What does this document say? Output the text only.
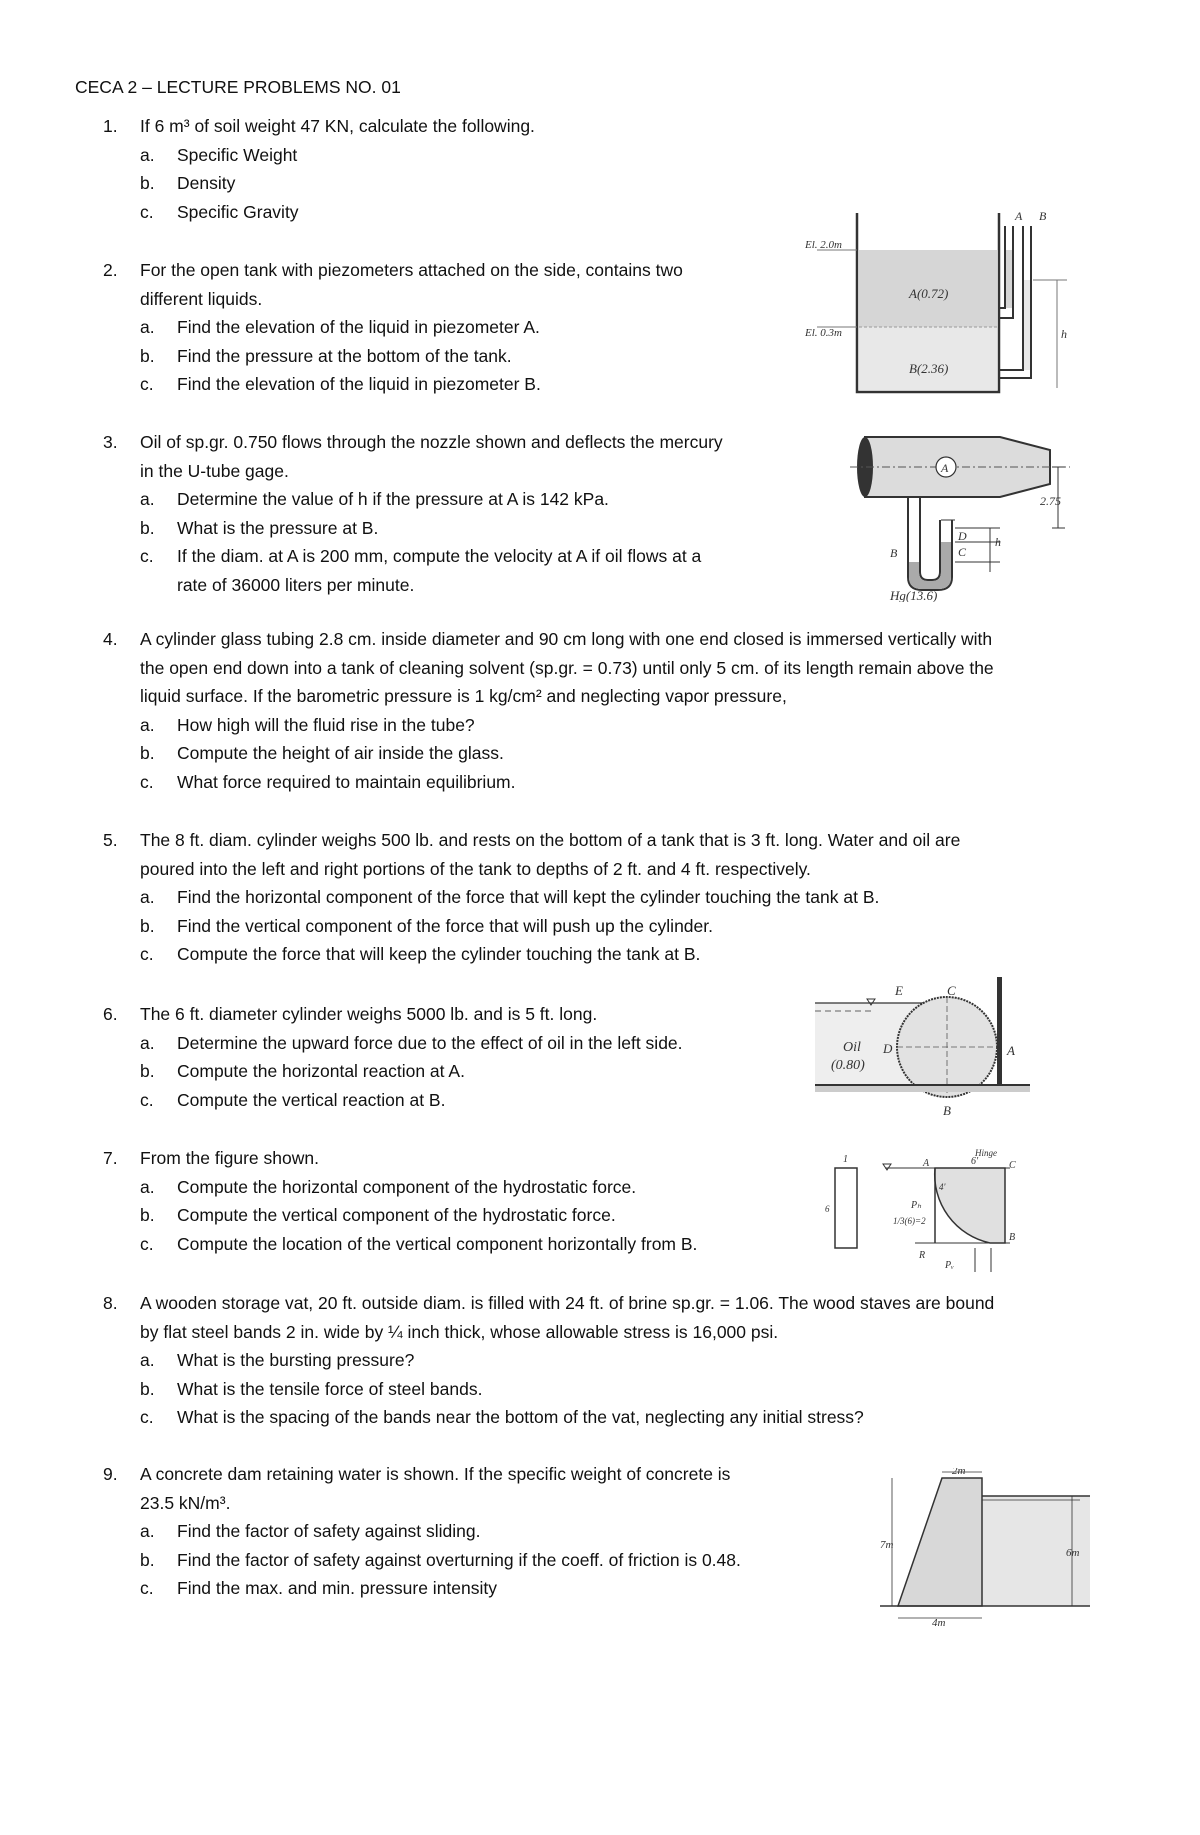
CECA 2 – LECTURE PROBLEMS NO. 01
1. If 6 m³ of soil weight 47 KN, calculate the following.
a. Specific Weight
b. Density
c. Specific Gravity
2. For the open tank with piezometers attached on the side, contains two
different liquids.
a. Find the elevation of the liquid in piezometer A.
b. Find the pressure at the bottom of the tank.
c. Find the elevation of the liquid in piezometer B.
3. Oil of sp.gr. 0.750 flows through the nozzle shown and deflects the mercury
in the U-tube gage.
a. Determine the value of h if the pressure at A is 142 kPa.
b. What is the pressure at B.
c. If the diam. at A is 200 mm, compute the velocity at A if oil flows at a
rate of 36000 liters per minute.
4. A cylinder glass tubing 2.8 cm. inside diameter and 90 cm long with one end closed is immersed vertically with
the open end down into a tank of cleaning solvent (sp.gr. = 0.73) until only 5 cm. of its length remain above the
liquid surface. If the barometric pressure is 1 kg/cm² and neglecting vapor pressure,
a. How high will the fluid rise in the tube?
b. Compute the height of air inside the glass.
c. What force required to maintain equilibrium.
5. The 8 ft. diam. cylinder weighs 500 lb. and rests on the bottom of a tank that is 3 ft. long. Water and oil are
poured into the left and right portions of the tank to depths of 2 ft. and 4 ft. respectively.
a. Find the horizontal component of the force that will kept the cylinder touching the tank at B.
b. Find the vertical component of the force that will push up the cylinder.
c. Compute the force that will keep the cylinder touching the tank at B.
6. The 6 ft. diameter cylinder weighs 5000 lb. and is 5 ft. long.
a. Determine the upward force due to the effect of oil in the left side.
b. Compute the horizontal reaction at A.
c. Compute the vertical reaction at B.
7. From the figure shown.
a. Compute the horizontal component of the hydrostatic force.
b. Compute the vertical component of the hydrostatic force.
c. Compute the location of the vertical component horizontally from B.
8. A wooden storage vat, 20 ft. outside diam. is filled with 24 ft. of brine sp.gr. = 1.06. The wood staves are bound
by flat steel bands 2 in. wide by ¼ inch thick, whose allowable stress is 16,000 psi.
a. What is the bursting pressure?
b. What is the tensile force of steel bands.
c. What is the spacing of the bands near the bottom of the vat, neglecting any initial stress?
9. A concrete dam retaining water is shown. If the specific weight of concrete is
23.5 kN/m³.
a. Find the factor of safety against sliding.
b. Find the factor of safety against overturning if the coeff. of friction is 0.48.
c. Find the max. and min. pressure intensity
El. 2.0m
El. 0.3m
A(0.72)
B(2.36)
A B
h
A
2.75
D
C
h
B
Hg(13.6)
Oil
(0.80)
E	C
D	A
B
1
6
Hinge
A	6'	C
4'
Pₕ
1/3(6)=2
R
Pᵥ
B
2m
7m
6m
4m
